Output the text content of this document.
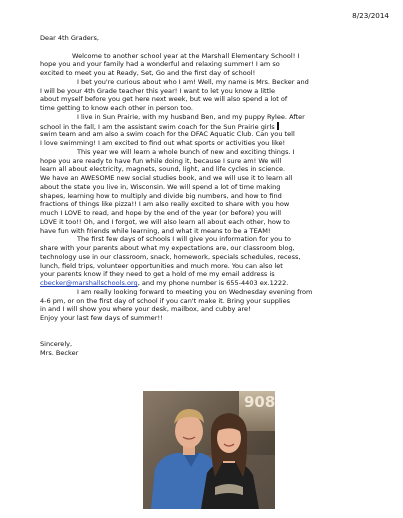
8/23/2014
Dear 4th Graders,
Welcome to another school year at the Marshall Elementary School! I
hope you and your family had a wonderful and relaxing summer! I am so
excited to meet you at Ready, Set, Go and the first day of school!
I bet you're curious about who I am! Well, my name is Mrs. Becker and
I will be your 4th Grade teacher this year! I want to let you know a little
about myself before you get here next week, but we will also spend a lot of
time getting to know each other in person too.
I live in Sun Prairie, with my husband Ben, and my puppy Rylee. After
school in the fall, I am the assistant swim coach for the Sun Prairie girls
swim team and am also a swim coach for the DFAC Aquatic Club. Can you tell
I love swimming! I am excited to find out what sports or activities you like!
This year we will learn a whole bunch of new and exciting things. I
hope you are ready to have fun while doing it, because I sure am! We will
learn all about electricity, magnets, sound, light, and life cycles in science.
We have an AWESOME new social studies book, and we will use it to learn all
about the state you live in, Wisconsin. We will spend a lot of time making
shapes, learning how to multiply and divide big numbers, and how to find
fractions of things like pizza!! I am also really excited to share with you how
much I LOVE to read, and hope by the end of the year (or before) you will
LOVE it too!! Oh, and I forgot, we will also learn all about each other, how to
have fun with friends while learning, and what it means to be a TEAM!
The first few days of schools I will give you information for you to
share with your parents about what my expectations are, our classroom blog,
technology use in our classroom, snack, homework, specials schedules, recess,
lunch, field trips, volunteer opportunities and much more. You can also let
your parents know if they need to get a hold of me my email address is
cbecker@marshallschools.org, and my phone number is 655-4403 ex.1222.
I am really looking forward to meeting you on Wednesday evening from
4-6 pm, or on the first day of school if you can't make it. Bring your supplies
in and I will show you where your desk, mailbox, and cubby are!
Enjoy your last few days of summer!!
Sincerely,
Mrs. Becker
908
